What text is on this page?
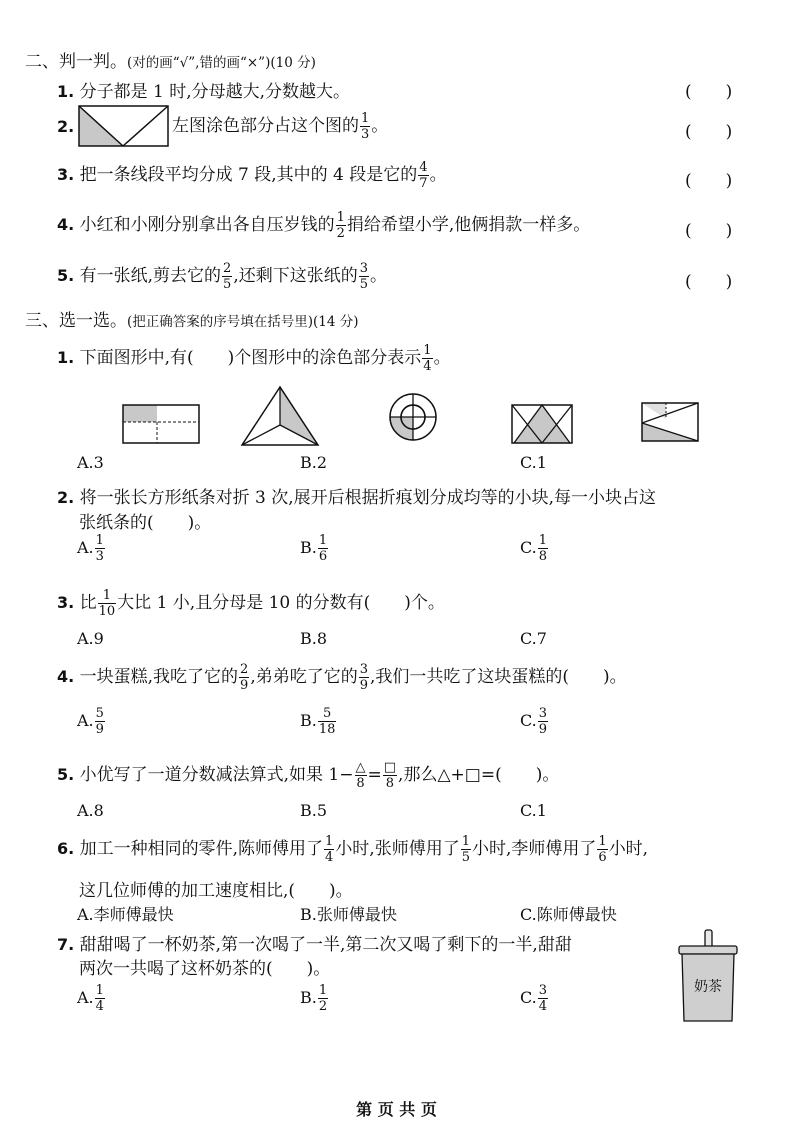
二、判一判。(对的画“√”,错的画“×”)(10 分)
1. 分子都是 1 时,分母越大,分数越大。	(　　)
2.	左图涂色部分占这个图的 $\frac{1}{3}$ 。	(　　)
3. 把一条线段平均分成 7 段,其中的 4 段是它的 $\frac{4}{7}$ 。	(　　)
4. 小红和小刚分别拿出各自压岁钱的 $\frac{1}{2}$ 捐给希望小学,他俩捐款一样多。	(　　)
5. 有一张纸,剪去它的 $\frac{2}{5}$ ,还剩下这张纸的 $\frac{3}{5}$ 。	(　　)
三、选一选。(把正确答案的序号填在括号里)(14 分)
1. 下面图形中,有(　　)个图形中的涂色部分表示 $\frac{1}{4}$ 。
A.3	B.2	C.1
2. 将一张长方形纸条对折 3 次,展开后根据折痕划分成均等的小块,每一小块占这
张纸条的(　　)。
A. $\frac{1}{3}$	B. $\frac{1}{6}$	C. $\frac{1}{8}$
3. 比 $\frac{1}{10}$ 大比 1 小,且分母是 10 的分数有(　　)个。
A.9	B.8	C.7
4. 一块蛋糕,我吃了它的 $\frac{2}{9}$ ,弟弟吃了它的 $\frac{3}{9}$ ,我们一共吃了这块蛋糕的(　　)。
A. $\frac{5}{9}$	B. $\frac{5}{18}$	C. $\frac{3}{9}$
5. 小优写了一道分数减法算式,如果 1− △
8 = □
8 ,那么△+□=(　　)。
A.8	B.5	C.1
6. 加工一种相同的零件,陈师傅用了 $\frac{1}{4}$ 小时,张师傅用了 $\frac{1}{5}$ 小时,李师傅用了 $\frac{1}{6}$ 小时,
这几位师傅的加工速度相比,(　　)。
A.李师傅最快	B.张师傅最快	C.陈师傅最快
7. 甜甜喝了一杯奶茶,第一次喝了一半,第二次又喝了剩下的一半,甜甜
两次一共喝了这杯奶茶的(　　)。
A. $\frac{1}{4}$	B. $\frac{1}{2}$	C. $\frac{3}{4}$	奶茶
第 页 共 页
